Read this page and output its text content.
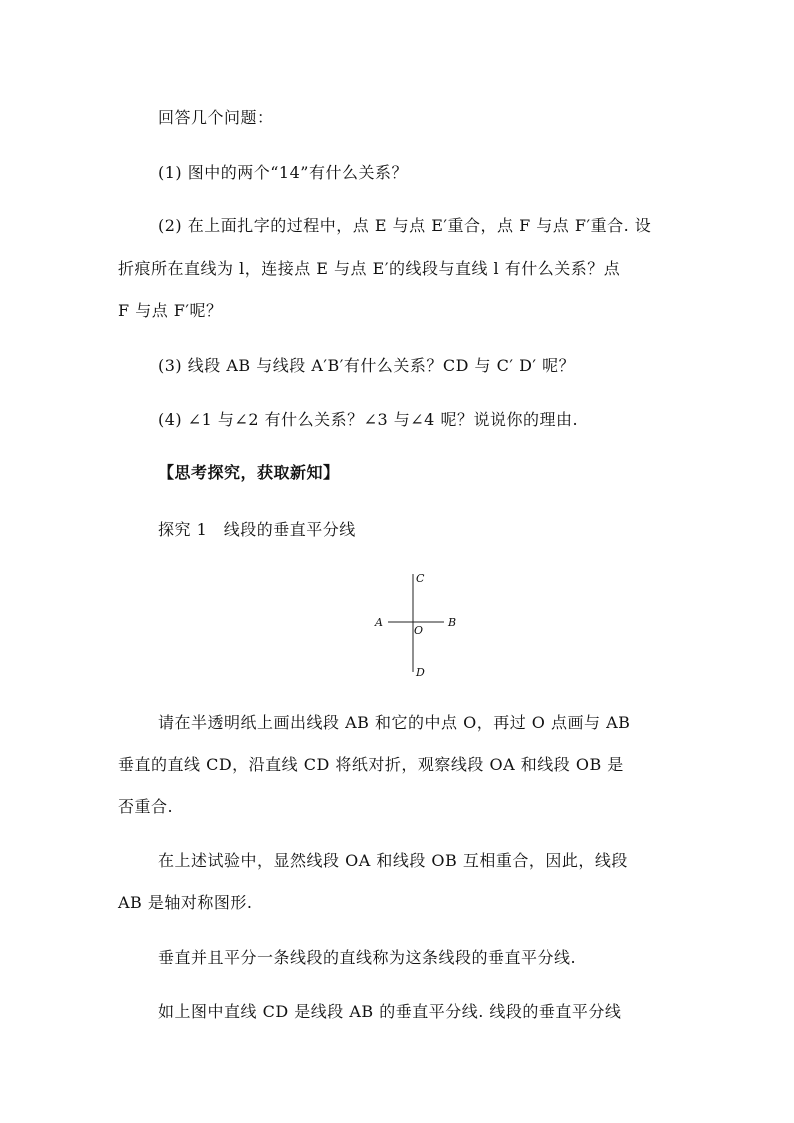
回答几个问题：
(1) 图中的两个“14”有什么关系？
(2) 在上面扎字的过程中，点 E 与点 E′重合，点 F 与点 F′重合. 设
折痕所在直线为 l，连接点 E 与点 E′的线段与直线 l 有什么关系？点
F 与点 F′呢？
(3) 线段 AB 与线段 A′B′有什么关系？CD 与 C′ D′ 呢？
(4) ∠1 与∠2 有什么关系？∠3 与∠4 呢？说说你的理由.
【思考探究，获取新知】
探究 1　线段的垂直平分线
A	B
C
D
O
请在半透明纸上画出线段 AB 和它的中点 O，再过 O 点画与 AB
垂直的直线 CD，沿直线 CD 将纸对折，观察线段 OA 和线段 OB 是
否重合.
在上述试验中，显然线段 OA 和线段 OB 互相重合，因此，线段
AB 是轴对称图形.
垂直并且平分一条线段的直线称为这条线段的垂直平分线.
如上图中直线 CD 是线段 AB 的垂直平分线. 线段的垂直平分线
